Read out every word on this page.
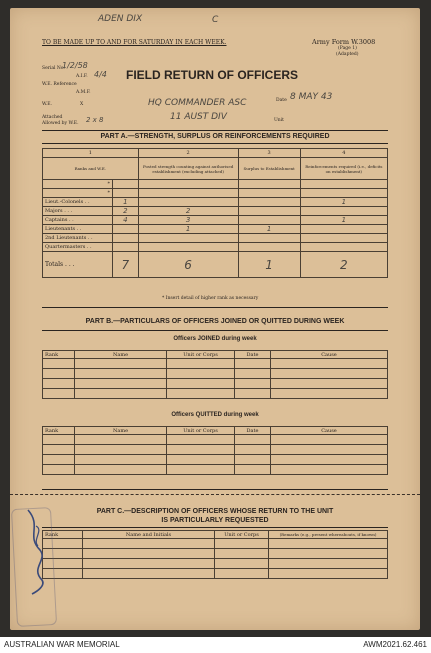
ADEN DIX	C
TO BE MADE UP TO AND FOR SATURDAY IN EACH WEEK.	Army Form W.3008
(Page 1)
(Adapted)
Serial No.
1/2/58
A.I.F. 4/4
W.E. Reference
A.M.F.
W.E.	X
Attached
Allowed by W.E. 2 x 8
FIELD RETURN OF OFFICERS
HQ COMMANDER ASC
11 AUST DIV	Unit
Date 8 MAY 43
PART A.—STRENGTH, SURPLUS OR REINFORCEMENTS REQUIRED
1		2	3	4
Ranks and W.E.		Posted strength counting against authorised establishment (excluding attached)	Surplus to Establishment	Reinforcements required (i.e., deficits on establishment)
*				
*				
Lieut.-Colonels . .	1			1
Majors . . .	2	2		
Captains . .	4	3		1
Lieutenants . .		1	1	
2nd Lieutenants . .				
Quartermasters . .				
Totals . . .	7	6	1	2
* Insert detail of higher rank as necessary
PART B.—PARTICULARS OF OFFICERS JOINED OR QUITTED DURING WEEK
Officers JOINED during week
Rank	Name	Unit or Corps	Date	Cause

Officers QUITTED during week
Rank	Name	Unit or Corps	Date	Cause

PART C.—DESCRIPTION OF OFFICERS WHOSE RETURN TO THE UNIT
IS PARTICULARLY REQUESTED
Rank	Name and Initials	Unit or Corps	(Remarks (e.g., present whereabouts, if known)

AUSTRALIAN WAR MEMORIAL	AWM2021.62.461
